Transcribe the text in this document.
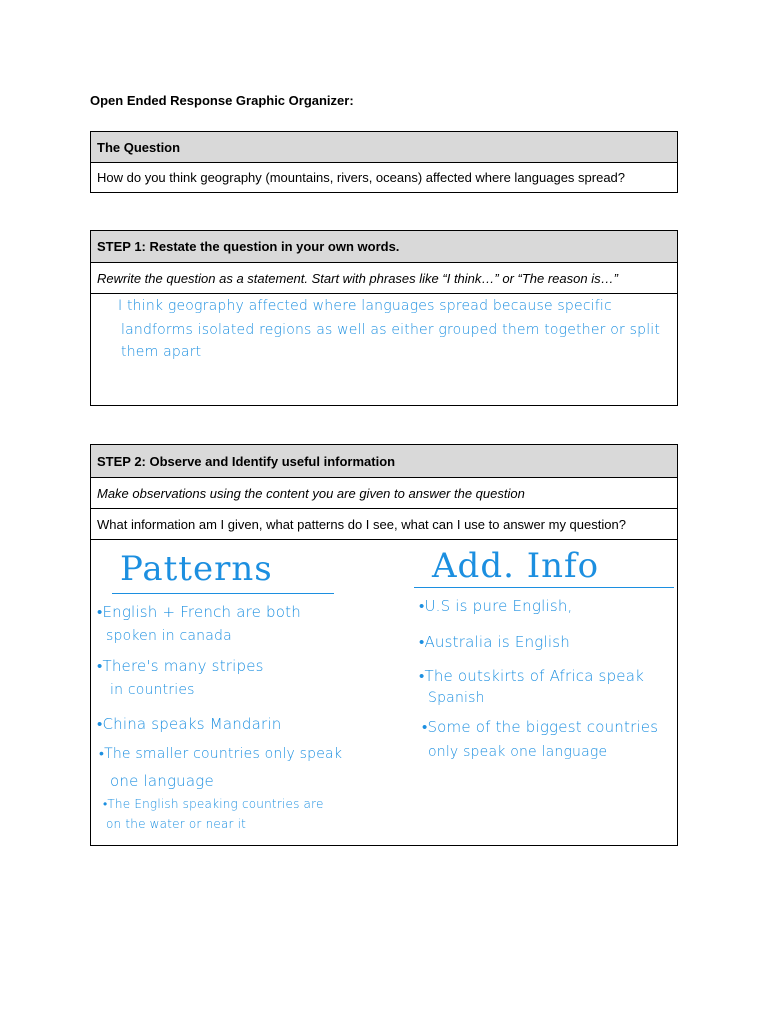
Open Ended Response Graphic Organizer:
The Question
How do you think geography (mountains, rivers, oceans) affected where languages spread?
STEP 1: Restate the question in your own words.
Rewrite the question as a statement. Start with phrases like “I think…” or “The reason is…”
I think geography affected where languages spread because specific
landforms isolated regions as well as either grouped them together or split
them apart
STEP 2: Observe and Identify useful information
Make observations using the content you are given to answer the question
What information am I given, what patterns do I see, what can I use to answer my question?
Patterns
•English + French are both
spoken in canada
•There's many stripes
in countries
•China speaks Mandarin
•The smaller countries only speak
one language
•The English speaking countries are
on the water or near it
Add. Info
•U.S is pure English,
•Australia is English
•The outskirts of Africa speak
Spanish
•Some of the biggest countries
only speak one language
